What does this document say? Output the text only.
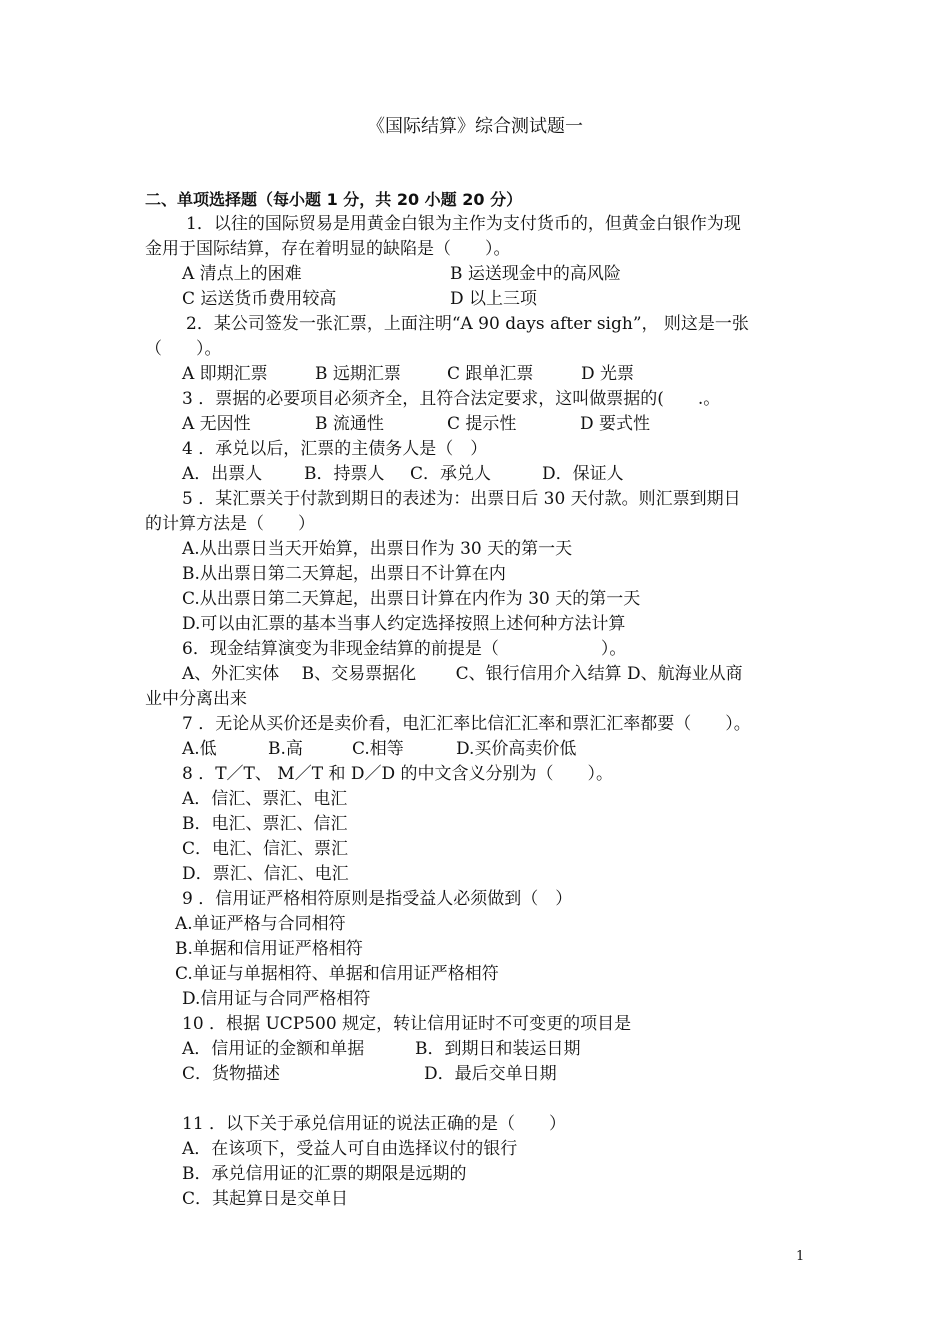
《国际结算》综合测试题一
二、单项选择题（每小题 1 分，共 20 小题 20 分）
1．以往的国际贸易是用黄金白银为主作为支付货币的，但黄金白银作为现
金用于国际结算，存在着明显的缺陷是（　　）。
A 清点上的困难	B 运送现金中的高风险
C 运送货币费用较高	D 以上三项
2．某公司签发一张汇票，上面注明“A 90 days after sigh”， 则这是一张
（　　）。
A 即期汇票	B 远期汇票	C 跟单汇票	D 光票
3 ．票据的必要项目必须齐全，且符合法定要求，这叫做票据的(　　.。
A 无因性	B 流通性	C 提示性	D 要式性
4 ．承兑以后，汇票的主债务人是（　）
A．出票人	B．持票人	C．承兑人	D．保证人
5 ．某汇票关于付款到期日的表述为：出票日后 30 天付款。则汇票到期日
的计算方法是（　　）
A.从出票日当天开始算，出票日作为 30 天的第一天
B.从出票日第二天算起，出票日不计算在内
C.从出票日第二天算起，出票日计算在内作为 30 天的第一天
D.可以由汇票的基本当事人约定选择按照上述何种方法计算
6．现金结算演变为非现金结算的前提是（　　　　　　）。
A、外汇实体　 B、交易票据化　　 C、银行信用介入结算 D、航海业从商
业中分离出来
7 ．无论从买价还是卖价看，电汇汇率比信汇汇率和票汇汇率都要（　　）。
A.低	B.高	C.相等	D.买价高卖价低
8 ．T／T、 M／T 和 D／D 的中文含义分别为（　　）。
A．信汇、票汇、电汇
B．电汇、票汇、信汇
C．电汇、信汇、票汇
D．票汇、信汇、电汇
9 ．信用证严格相符原则是指受益人必须做到（　）
A.单证严格与合同相符
B.单据和信用证严格相符
C.单证与单据相符、单据和信用证严格相符
D.信用证与合同严格相符
10 ．根据 UCP500 规定，转让信用证时不可变更的项目是
A．信用证的金额和单据	B．到期日和装运日期
C．货物描述	D．最后交单日期
11 ．以下关于承兑信用证的说法正确的是（　　）
A．在该项下，受益人可自由选择议付的银行
B．承兑信用证的汇票的期限是远期的
C．其起算日是交单日
1
